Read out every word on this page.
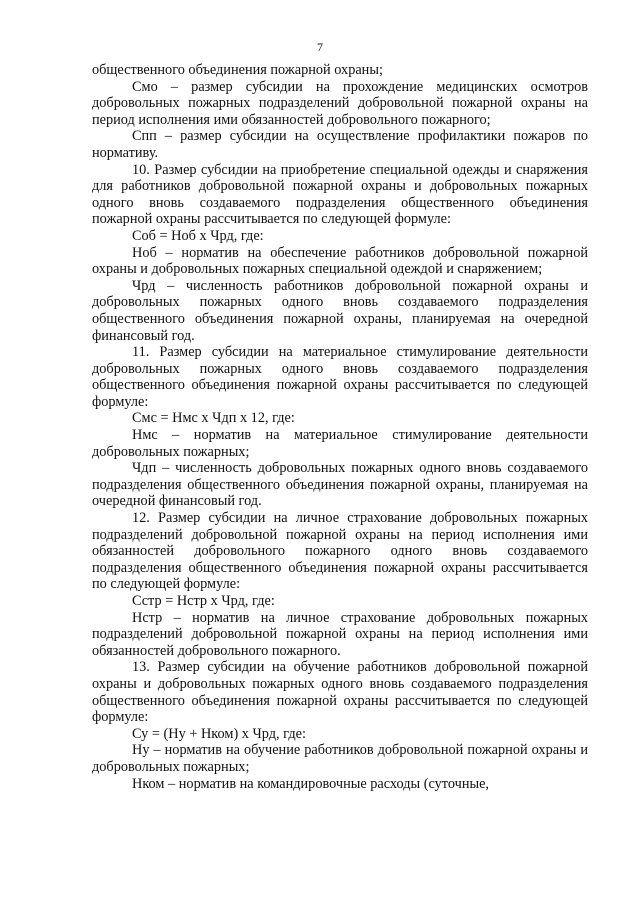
7

общественного объединения пожарной охраны;

Смо – размер субсидии на прохождение медицинских осмотров добровольных пожарных подразделений добровольной пожарной охраны на период исполнения ими обязанностей добровольного пожарного;

Спп – размер субсидии на осуществление профилактики пожаров по нормативу.

10. Размер субсидии на приобретение специальной одежды и снаряжения для работников добровольной пожарной охраны и добровольных пожарных одного вновь создаваемого подразделения общественного объединения пожарной охраны рассчитывается по следующей формуле:

Соб = Ноб х Чрд, где:

Ноб – норматив на обеспечение работников добровольной пожарной охраны и добровольных пожарных специальной одеждой и снаряжением;

Чрд – численность работников добровольной пожарной охраны и добровольных пожарных одного вновь создаваемого подразделения общественного объединения пожарной охраны, планируемая на очередной финансовый год.

11. Размер субсидии на материальное стимулирование деятельности добровольных пожарных одного вновь создаваемого подразделения общественного объединения пожарной охраны рассчитывается по следующей формуле:

Смс = Нмс х Чдп х 12, где:

Нмс – норматив на материальное стимулирование деятельности добровольных пожарных;

Чдп – численность добровольных пожарных одного вновь создаваемого подразделения общественного объединения пожарной охраны, планируемая на очередной финансовый год.

12. Размер субсидии на личное страхование добровольных пожарных подразделений добровольной пожарной охраны на период исполнения ими обязанностей добровольного пожарного одного вновь создаваемого подразделения общественного объединения пожарной охраны рассчитывается по следующей формуле:

Сстр = Нстр х Чрд, где:

Нстр – норматив на личное страхование добровольных пожарных подразделений добровольной пожарной охраны на период исполнения ими обязанностей добровольного пожарного.

13. Размер субсидии на обучение работников добровольной пожарной охраны и добровольных пожарных одного вновь создаваемого подразделения общественного объединения пожарной охраны рассчитывается по следующей формуле:

Су = (Ну + Нком) х Чрд, где:

Ну – норматив на обучение работников добровольной пожарной охраны и добровольных пожарных;

Нком – норматив на командировочные расходы (суточные,
